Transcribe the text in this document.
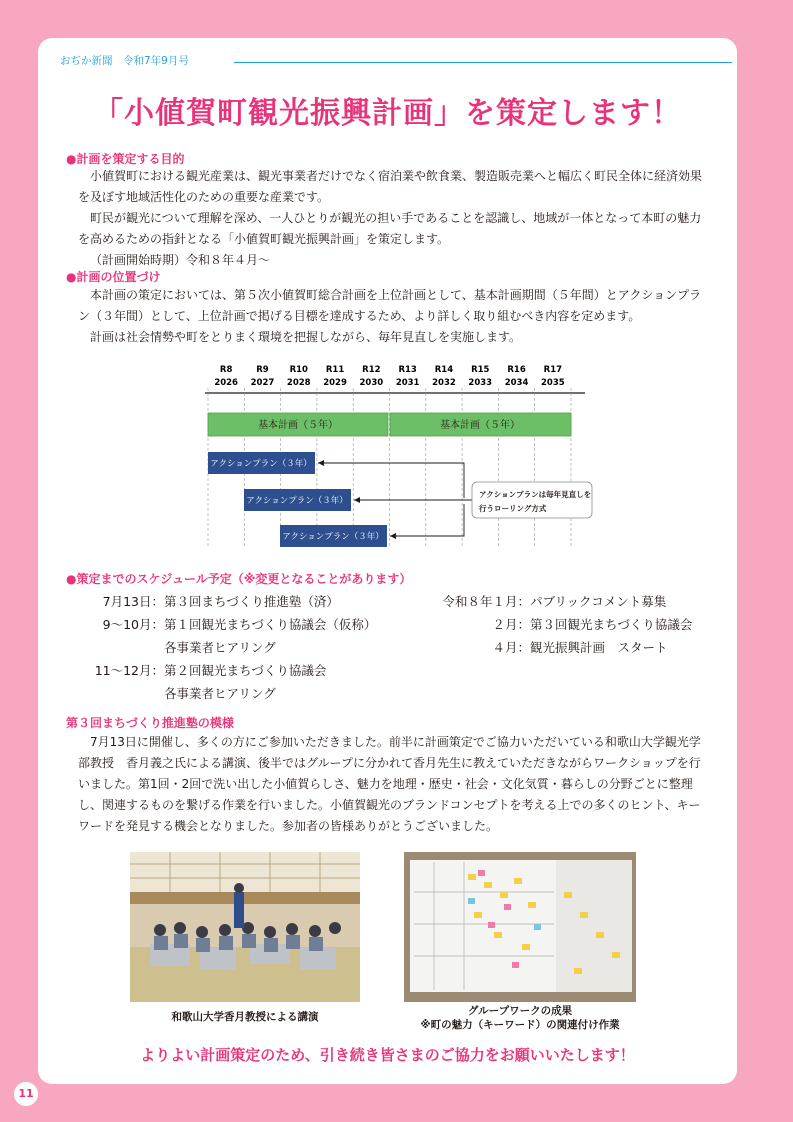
おぢか新聞　令和7年9月号
「小値賀町観光振興計画」を策定します！
●計画を策定する目的

小値賀町における観光産業は、観光事業者だけでなく宿泊業や飲食業、製造販売業へと幅広く町民全体に経済効果を及ぼす地域活性化のための重要な産業です。

町民が観光について理解を深め、一人ひとりが観光の担い手であることを認識し、地域が一体となって本町の魅力を高めるための指針となる「小値賀町観光振興計画」を策定します。

（計画開始時期）令和８年４月～

●計画の位置づけ

本計画の策定においては、第５次小値賀町総合計画を上位計画として、基本計画期間（５年間）とアクションプラン（３年間）として、上位計画で掲げる目標を達成するため、より詳しく取り組むべき内容を定めます。

計画は社会情勢や町をとりまく環境を把握しながら、毎年見直しを実施します。

R8
2026
R9
2027
R10
2028
R11
2029
R12
2030
R13
2031
R14
2032
R15
2033
R16
2034
R17
2035
基本計画（５年）	基本計画（５年）
アクションプラン（３年）
アクションプラン（３年）
アクションプラン（３年）
アクションプランは毎年見直しを
行うローリング方式
●策定までのスケジュール予定（※変更となることがあります）
7月13日： 第３回まちづくり推進塾（済）
9～10月： 第１回観光まちづくり協議会（仮称）
各事業者ヒアリング
11～12月： 第２回観光まちづくり協議会
各事業者ヒアリング
令和８年１月： パブリックコメント募集
２月： 第３回観光まちづくり協議会
４月： 観光振興計画　スタート
第３回まちづくり推進塾の模様

7月13日に開催し、多くの方にご参加いただきました。前半に計画策定でご協力いただいている和歌山大学観光学部教授　香月義之氏による講演、後半ではグループに分かれて香月先生に教えていただきながらワークショップを行いました。第1回・2回で洗い出した小値賀らしさ、魅力を地理・歴史・社会・文化気質・暮らしの分野ごとに整理し、関連するものを繋げる作業を行いました。小値賀観光のブランドコンセプトを考える上での多くのヒント、キーワードを発見する機会となりました。参加者の皆様ありがとうございました。

和歌山大学香月教授による講演	グループワークの成果
※町の魅力（キーワード）の関連付け作業
よりよい計画策定のため、引き続き皆さまのご協力をお願いいたします！
11
